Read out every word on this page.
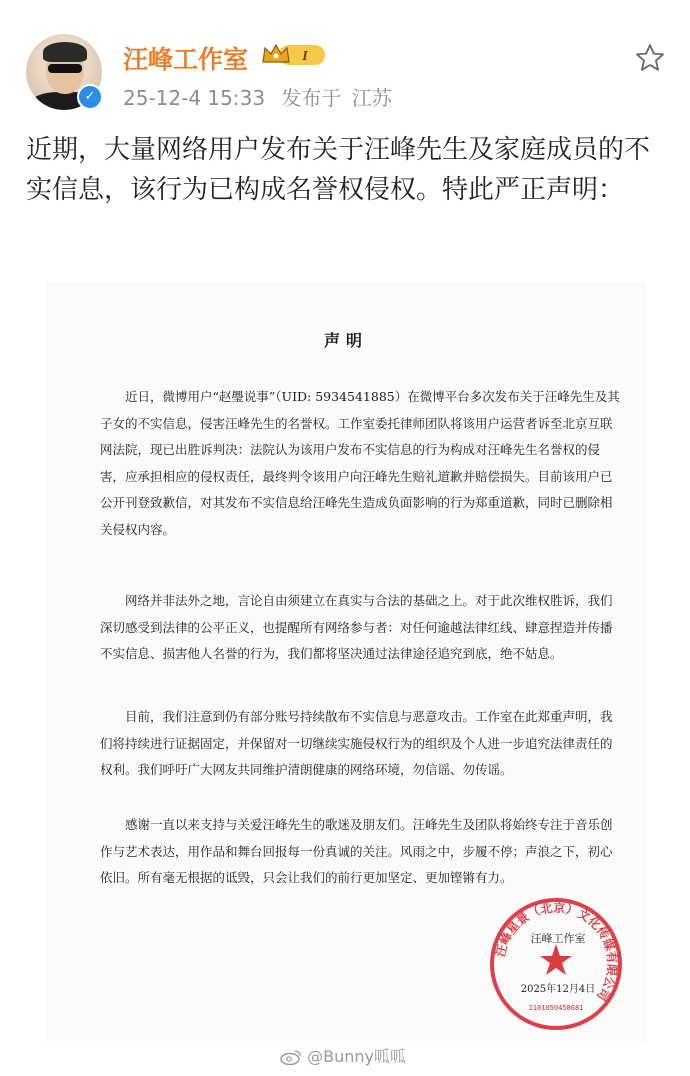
✓
汪峰工作室	I
25-12-4 15:33 发布于 江苏
近期，大量网络用户发布关于汪峰先生及家庭成员的不实信息，该行为已构成名誉权侵权。特此严正声明：
声明
近日，微博用户“赵璺说事”（UID: 5934541885）在微博平台多次发布关于汪峰先生及其子女的不实信息，侵害汪峰先生的名誉权。工作室委托律师团队将该用户运营者诉至北京互联网法院，现已出胜诉判决：法院认为该用户发布不实信息的行为构成对汪峰先生名誉权的侵害，应承担相应的侵权责任，最终判令该用户向汪峰先生赔礼道歉并赔偿损失。目前该用户已公开刊登致歉信，对其发布不实信息给汪峰先生造成负面影响的行为郑重道歉，同时已删除相关侵权内容。
网络并非法外之地，言论自由须建立在真实与合法的基础之上。对于此次维权胜诉，我们深切感受到法律的公平正义，也提醒所有网络参与者：对任何逾越法律红线、肆意捏造并传播不实信息、损害他人名誉的行为，我们都将坚决通过法律途径追究到底，绝不姑息。
目前，我们注意到仍有部分账号持续散布不实信息与恶意攻击。工作室在此郑重声明，我们将持续进行证据固定，并保留对一切继续实施侵权行为的组织及个人进一步追究法律责任的权利。我们呼吁广大网友共同维护清朗健康的网络环境，勿信谣、勿传谣。
感谢一直以来支持与关爱汪峰先生的歌迷及朋友们。汪峰先生及团队将始终专注于音乐创作与艺术表达，用作品和舞台回报每一份真诚的关注。风雨之中，步履不停；声浪之下，初心依旧。所有毫无根据的诋毁，只会让我们的前行更加坚定、更加铿锵有力。
汪峰星景（北京）文化传媒有限公司
汪峰工作室
2025年12月4日
1101050458681
@Bunny呱呱
